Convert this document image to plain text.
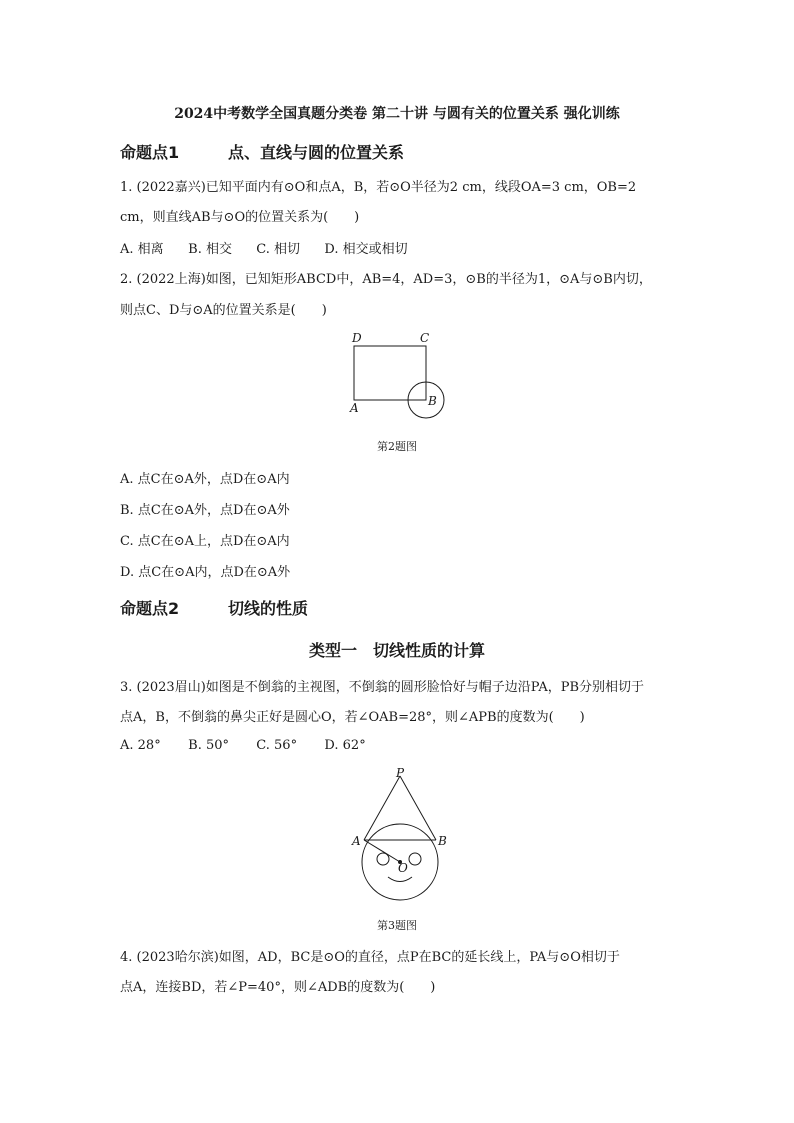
2024中考数学全国真题分类卷 第二十讲 与圆有关的位置关系 强化训练
命题点1	点、直线与圆的位置关系

1. (2022嘉兴)已知平面内有⊙O和点A，B，若⊙O半径为2 cm，线段OA=3 cm，OB=2

cm，则直线AB与⊙O的位置关系为(　　)

A. 相离 B. 相交 C. 相切 D. 相交或相切

2. (2022上海)如图，已知矩形ABCD中，AB=4，AD=3，⊙B的半径为1，⊙A与⊙B内切，

则点C、D与⊙A的位置关系是(　　)

D	C
A	B

第2题图

A. 点C在⊙A外，点D在⊙A内

B. 点C在⊙A外，点D在⊙A外

C. 点C在⊙A上，点D在⊙A内

D. 点C在⊙A内，点D在⊙A外

命题点2	切线的性质
类型一　切线性质的计算

3. (2023眉山)如图是不倒翁的主视图，不倒翁的圆形脸恰好与帽子边沿PA，PB分别相切于

点A，B，不倒翁的鼻尖正好是圆心O，若∠OAB=28°，则∠APB的度数为(　　)

A. 28° B. 50° C. 56° D. 62°
P
A	B
O

第3题图

4. (2023哈尔滨)如图，AD，BC是⊙O的直径，点P在BC的延长线上，PA与⊙O相切于

点A，连接BD，若∠P=40°，则∠ADB的度数为(　　)
